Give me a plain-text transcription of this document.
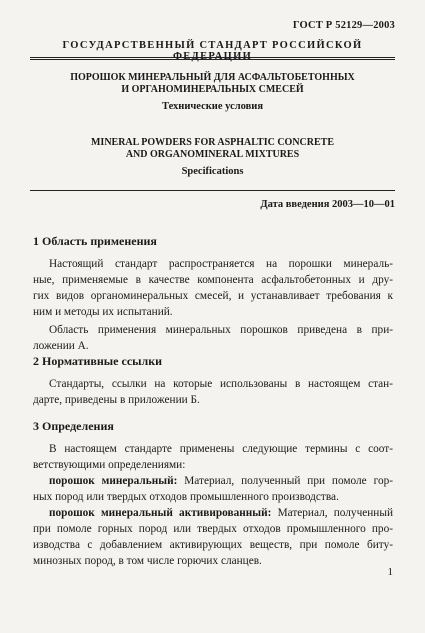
ГОСТ Р 52129—2003
ГОСУДАРСТВЕННЫЙ СТАНДАРТ РОССИЙСКОЙ ФЕДЕРАЦИИ
ПОРОШОК МИНЕРАЛЬНЫЙ ДЛЯ АСФАЛЬТОБЕТОННЫХ
И ОРГАНОМИНЕРАЛЬНЫХ СМЕСЕЙ
Технические условия
MINERAL POWDERS FOR ASPHALTIC CONCRETE
AND ORGANOMINERAL MIXTURES
Specifications
Дата введения 2003—10—01
1 Область применения
Настоящий стандарт распространяется на порошки минераль-
ные, применяемые в качестве компонента асфальтобетонных и дру-
гих видов органоминеральных смесей, и устанавливает требования к
ним и методы их испытаний.
Область применения минеральных порошков приведена в при-
ложении А.
2 Нормативные ссылки
Стандарты, ссылки на которые использованы в настоящем стан-
дарте, приведены в приложении Б.
3 Определения
В настоящем стандарте применены следующие термины с соот-
ветствующими определениями:
порошок минеральный: Материал, полученный при помоле гор-
ных пород или твердых отходов промышленного производства.
порошок минеральный активированный: Материал, полученный
при помоле горных пород или твердых отходов промышленного про-
изводства с добавлением активирующих веществ, при помоле биту-
минозных пород, в том числе горючих сланцев.
1
